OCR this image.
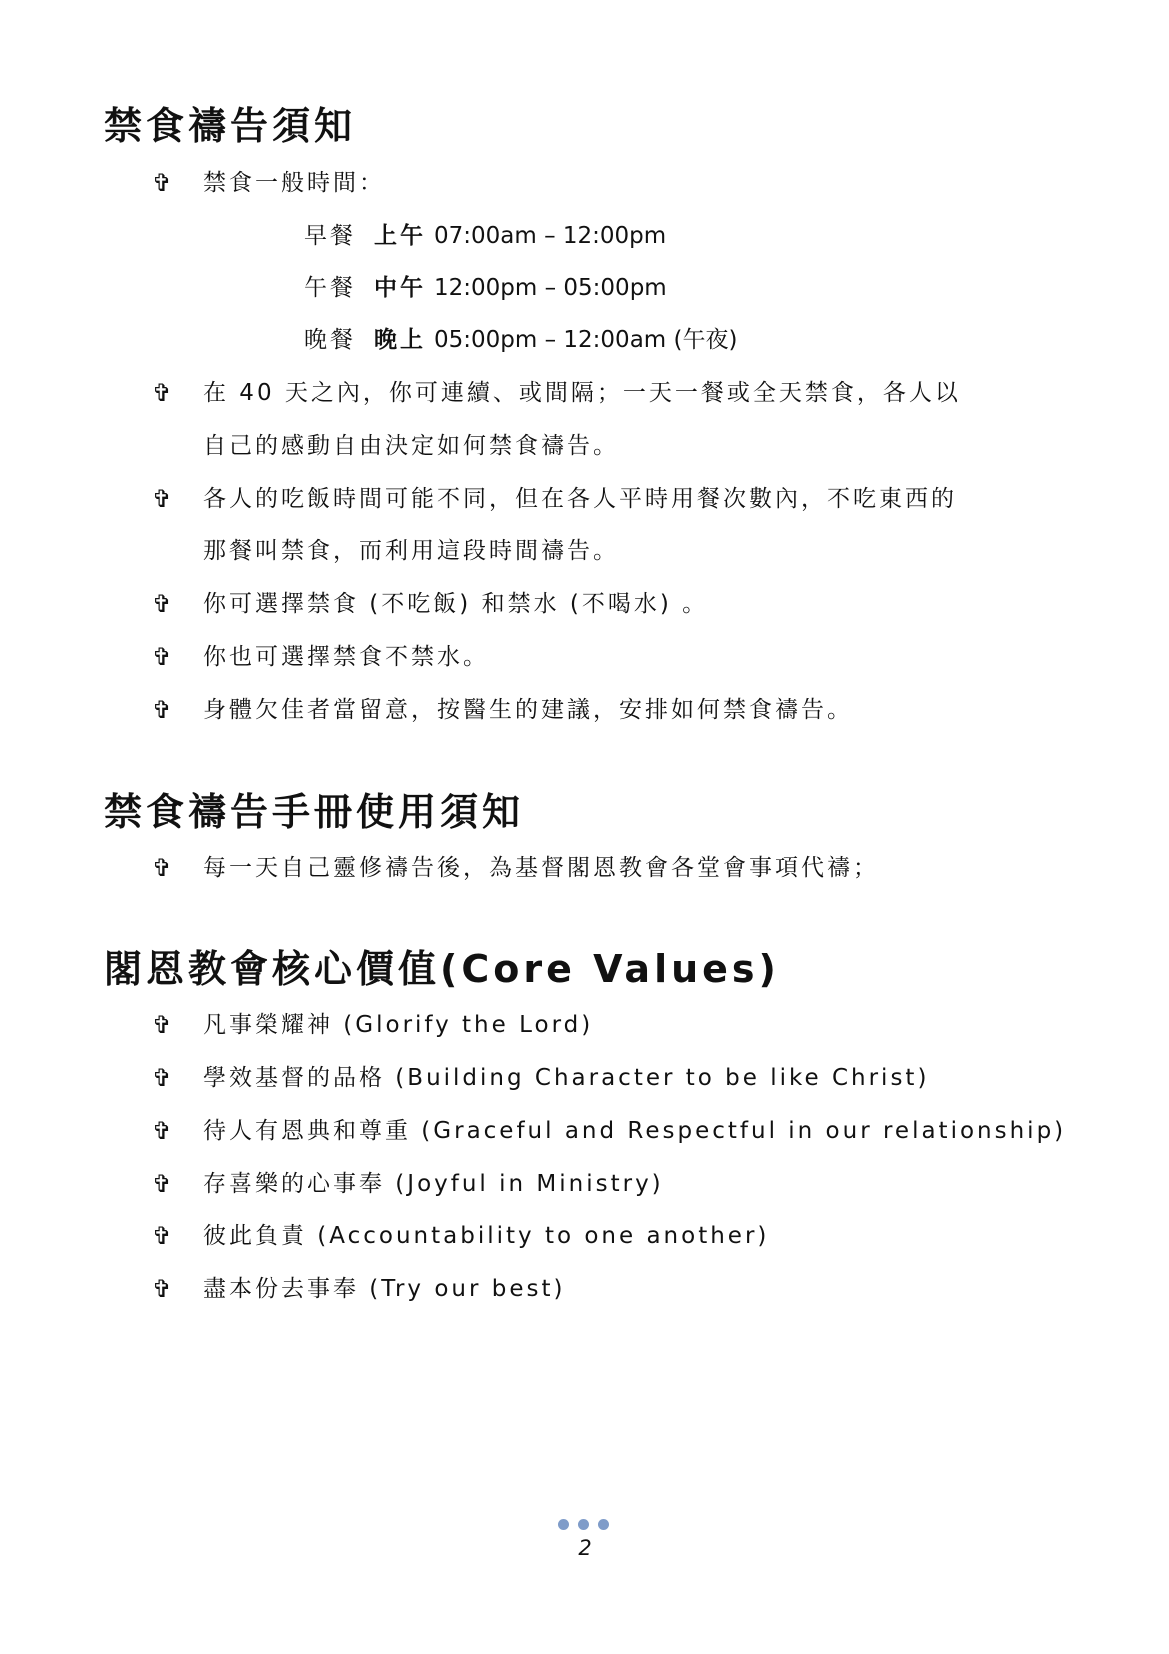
禁食禱告須知
✞ 禁食一般時間：
早餐 上午 07:00am – 12:00pm
午餐 中午 12:00pm – 05:00pm
晚餐 晚上 05:00pm – 12:00am (午夜)
✞ 在 40 天之內，你可連續、或間隔；一天一餐或全天禁食，各人以
自己的感動自由決定如何禁食禱告。
✞ 各人的吃飯時間可能不同，但在各人平時用餐次數內，不吃東西的
那餐叫禁食，而利用這段時間禱告。
✞ 你可選擇禁食 (不吃飯) 和禁水 (不喝水) 。
✞ 你也可選擇禁食不禁水。
✞ 身體欠佳者當留意，按醫生的建議，安排如何禁食禱告。
禁食禱告手冊使用須知
✞ 每一天自己靈修禱告後，為基督閣恩教會各堂會事項代禱；
閣恩教會核心價值(Core Values)
✞ 凡事榮耀神 (Glorify the Lord)
✞ 學效基督的品格 (Building Character to be like Christ)
✞ 待人有恩典和尊重 (Graceful and Respectful in our relationship)
✞ 存喜樂的心事奉 (Joyful in Ministry)
✞ 彼此負責 (Accountability to one another)
✞ 盡本份去事奉 (Try our best)
2
